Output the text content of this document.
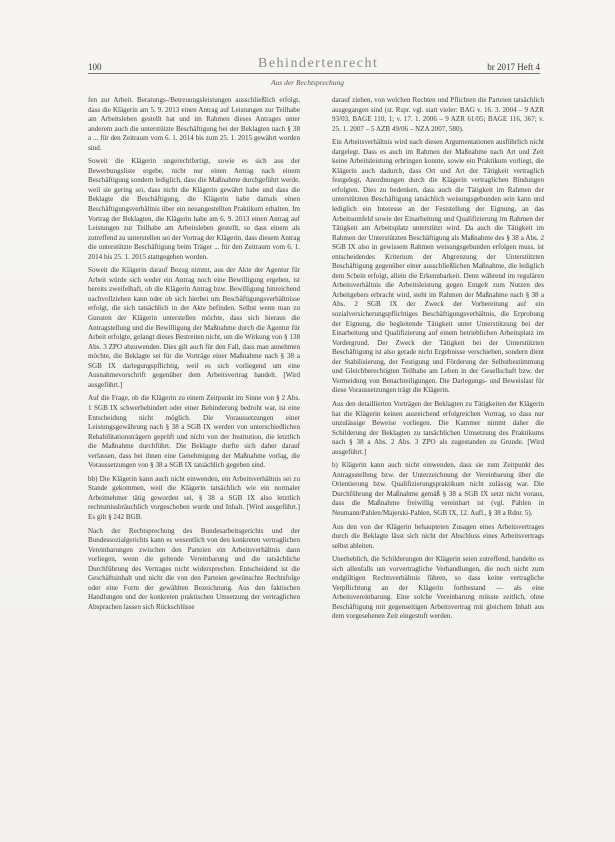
100	Behindertenrecht	br 2017 Heft 4
Aus der Rechtsprechung

fen zur Arbeit. Beratungs-/Betreuungsleistungen ausschließlich erfolgt, dass die Klägerin am 5. 9. 2013 einen Antrag auf Leistungen zur Teilhabe am Arbeitsleben gestellt hat und im Rahmen dieses Antrages unter anderem auch die unterstützte Beschäftigung bei der Beklagten nach § 38 a ... für den Zeitraum vom 6. 1. 2014 bis zum 25. 1. 2015 gewährt worden sind.

Soweit die Klägerin ungerechtfertigt, sowie es sich aus der Bewerbungsliste ergebe, nicht nur einen Antrag nach einem Beschäftigung sondern lediglich, dass die Maßnahme durchgeführt werde, weil sie gering sei, dass nicht die Klägerin gewährt habe und dass die Beklagte die Beschäftigung, die Klägerin habe damals einen Beschäftigungsverhältnis über ein neuangestellten Praktikum erhalten. Im Vortrag der Beklagten, die Klägerin habe am 6. 9. 2013 einen Antrag auf Leistungen zur Teilhabe am Arbeitsleben gestellt, so dass einem als zutreffend zu unterstellen sei der Vortrag der Klägerin, dass diesem Antrag die unterstützte Beschäftigung beim Träger ... für den Zeitraum vom 6. 1. 2014 bis 25. 1. 2015 stattgegeben worden.

Soweit die Klägerin darauf Bezug nimmt, aus der Akte der Agentur für Arbeit würde sich weder ein Antrag noch eine Bewilligung ergeben, ist bereits zweifelhaft, ob die Klägerin Antrag bzw. Bewilligung hinreichend nachvollziehen kann oder ob sich hierbei um Beschäftigungsverhältnisse erfolgt, die sich tatsächlich in der Akte befinden. Selbst wenn man zu Gunsten der Klägerin unterstellen möchte, dass sich hieraus die Antragstellung und die Bewilligung der Maßnahme durch die Agentur für Arbeit erfolgte, gelangt dieses Bestreiten nicht, um die Wirkung von § 138 Abs. 3 ZPO abzuwenden. Dies gilt auch für den Fall, dass man annehmen möchte, die Beklagte sei für die Vorträge einer Maßnahme nach § 38 a SGB IX darlegungspflichtig, weil es sich vorliegend um eine Ausnahmevorschrift gegenüber dem Arbeitsvertrag handelt. [Wird ausgeführt.]

Auf die Frage, ob die Klägerin zu einem Zeitpunkt im Sinne von § 2 Abs. 1 SGB IX schwerbehindert oder einer Behinderung bedroht war, ist eine Entscheidung nicht möglich. Die Voraussetzungen einer Leistungsgewährung nach § 38 a SGB IX werden von unterschiedlichen Rehabilitationsträgern geprüft und nicht von der Institution, die letztlich die Maßnahme durchführt. Die Beklagte durfte sich daher darauf verlassen, dass bei ihnen eine Genehmigung der Maßnahme vorlag, die Voraussetzungen von § 38 a SGB IX tatsächlich gegeben sind.

bb) Die Klägerin kann auch nicht einwenden, ein Arbeitsverhältnis sei zu Stande gekommen, weil die Klägerin tatsächlich wie ein normaler Arbeitnehmer tätig geworden sei, § 38 a SGB IX also letztlich rechtsmissbräuchlich vorgeschoben wurde und Inhalt. [Wird ausgeführt.] Es gilt § 242 BGB.

Nach der Rechtsprechung des Bundesarbeitsgerichts und der Bundessozialgerichts kann es wesentlich von den konkreten vertraglichen Vereinbarungen zwischen den Parteien ein Arbeitsverhältnis dann vorliegen, wenn die geltende Vereinbarung und die tatsächliche Durchführung des Vertrages nicht widersprechen. Entscheidend ist die Geschäftsinhalt und nicht die von den Parteien gewünschte Rechtsfolge oder eine Form der gewählten Bezeichnung. Aus den faktischen Handlungen und der konkreten praktischen Umsetzung der vertraglichen Absprachen lassen sich Rückschlüsse

darauf ziehen, von welchen Rechten und Pflichten die Parteien tatsächlich ausgegangen sind (st. Rspr. vgl. statt vieler: BAG v. 16. 3. 2004 – 9 AZR 93/03, BAGE 110, 1; v. 17. 1. 2006 – 9 AZR 61/05; BAGE 116, 367; v. 25. 1. 2007 – 5 AZB 49/06 – NZA 2007, 580).

Ein Arbeitsverhältnis wird nach diesen Argumentationen ausführlich nicht dargelegt. Dass es auch im Rahmen der Maßnahme nach Art und Zeit keine Arbeitsleistung erbringen konnte, sowie ein Praktikum vorliegt, die Klägerin auch dadurch, dass Ort und Art der Tätigkeit vertraglich festgelegt, Anordnungen durch die Klägerin vertraglichen Bindungen erfolgten. Dies zu bedenken, dass auch die Tätigkeit im Rahmen der unterstützten Beschäftigung tatsächlich weisungsgebunden sein kann und lediglich ein Interesse an der Feststellung der Eignung, an das Arbeitsumfeld sowie der Einarbeitung und Qualifizierung im Rahmen der Tätigkeit am Arbeitsplatz unterstützt wird. Da auch die Tätigkeit im Rahmen der Unterstützten Beschäftigung als Maßnahme des § 38 a Abs. 2 SGB IX also in gewissem Rahmen weisungsgebunden erfolgen muss, ist entscheidendes Kriterium der Abgrenzung der Unterstützten Beschäftigung gegenüber einer ausschließlichen Maßnahme, die lediglich dem Schein erfolgt, allein die Erkennbarkeit. Denn während im regulären Arbeitsverhältnis die Arbeitsleistung gegen Entgelt zum Nutzen des Arbeitgebers erbracht wird, steht im Rahmen der Maßnahme nach § 38 a Abs. 2 SGB IX der Zweck der Vorbereitung auf ein sozialversicherungspflichtiges Beschäftigungsverhältnis, die Erprobung der Eignung, die begleitende Tätigkeit unter Unterstützung bei der Einarbeitung und Qualifizierung auf einem betrieblichen Arbeitsplatz im Vordergrund. Der Zweck der Tätigkeit bei der Unterstützten Beschäftigung ist also gerade nicht Ergebnisse verschieben, sondern dient der Stabilisierung, der Festigung und Förderung der Selbstbestimmung und Gleichberechtigten Teilhabe am Leben in der Gesellschaft bzw. der Vermeidung von Benachteiligungen. Die Darlegungs- und Beweislast für diese Voraussetzungen trägt die Klägerin.

Aus den detaillierten Vorträgen der Beklagten zu Tätigkeiten der Klägerin hat die Klägerin keinen ausreichend erfolgreichen Vortrag, so dass nur unzulässige Beweise vorliegen. Die Kammer nimmt daher die Schilderung der Beklagten zu tatsächlichen Umsetzung des Praktikums nach § 38 a Abs. 2 Abs. 3 ZPO als zugestanden zu Grunde. [Wird ausgeführt.]

b) Klägerin kann auch nicht einwenden, dass sie zum Zeitpunkt des Antragsstellung bzw. der Unterzeichnung der Vereinbarung über die Orientierung bzw. Qualifizierungspraktikum nicht zulässig war. Die Durchführung der Maßnahme gemäß § 38 a SGB IX setzt nicht voraus, dass die Maßnahme freiwillig vereinbart ist (vgl. Pahlen in Neumann/Pahlen/Majerski-Pahlen, SGB IX, 12. Aufl., § 38 a Rdnr. 5).

Aus den von der Klägerin behaupteten Zusagen eines Arbeitsvertrages durch die Beklagte lässt sich nicht der Abschluss eines Arbeitsvertrags selbst ableiten.

Unerheblich, die Schilderungen der Klägerin seien zutreffend, handelte es sich allenfalls um vorvertragliche Verhandlungen, die noch nicht zum endgültigen Rechtsverhältnis führen, so dass keine vertragliche Verpflichtung an der Klägerin fortbestand — als eine Arbeitsvereinbarung. Eine solche Vereinbarung müsste zeitlich, ohne Beschäftigung mit gegenseitigen Arbeitsvertrag mit gleichem Inhalt aus dem vorgesehenen Zeit eingestuft werden.
